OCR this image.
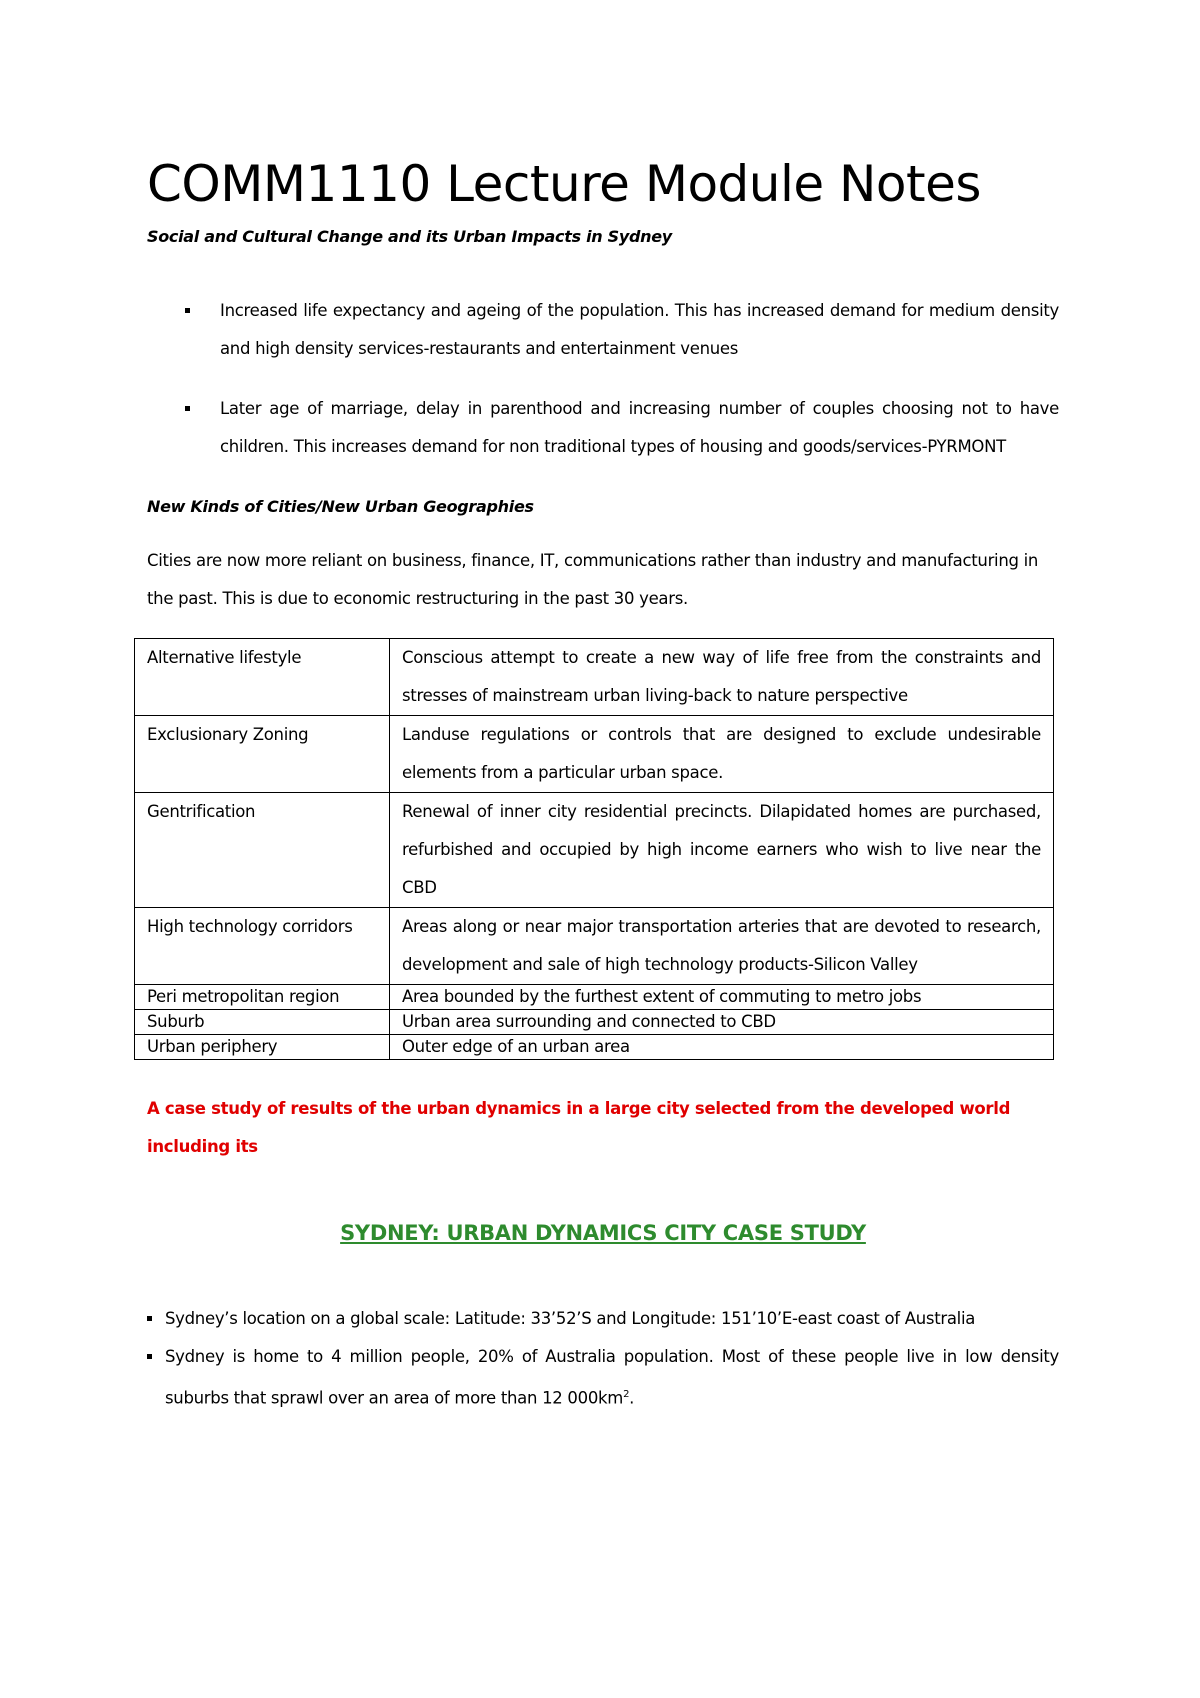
COMM1110 Lecture Module Notes

Social and Cultural Change and its Urban Impacts in Sydney

Increased life expectancy and ageing of the population. This has increased demand for medium density and high density services-restaurants and entertainment venues
Later age of marriage, delay in parenthood and increasing number of couples choosing not to have children. This increases demand for non traditional types of housing and goods/services-PYRMONT

New Kinds of Cities/New Urban Geographies

Cities are now more reliant on business, finance, IT, communications rather than industry and manufacturing in the past. This is due to economic restructuring in the past 30 years.

Alternative lifestyle	Conscious attempt to create a new way of life free from the constraints and stresses of mainstream urban living-back to nature perspective
Exclusionary Zoning	Landuse regulations or controls that are designed to exclude undesirable elements from a particular urban space.
Gentrification	Renewal of inner city residential precincts. Dilapidated homes are purchased, refurbished and occupied by high income earners who wish to live near the CBD
High technology corridors	Areas along or near major transportation arteries that are devoted to research, development and sale of high technology products-Silicon Valley
Peri metropolitan region	Area bounded by the furthest extent of commuting to metro jobs
Suburb	Urban area surrounding and connected to CBD
Urban periphery	Outer edge of an urban area

A case study of results of the urban dynamics in a large city selected from the developed world including its

SYDNEY: URBAN DYNAMICS CITY CASE STUDY

Sydney’s location on a global scale: Latitude: 33’52’S and Longitude: 151’10’E-east coast of Australia
Sydney is home to 4 million people, 20% of Australia population. Most of these people live in low density suburbs that sprawl over an area of more than 12 $000km^2$.
